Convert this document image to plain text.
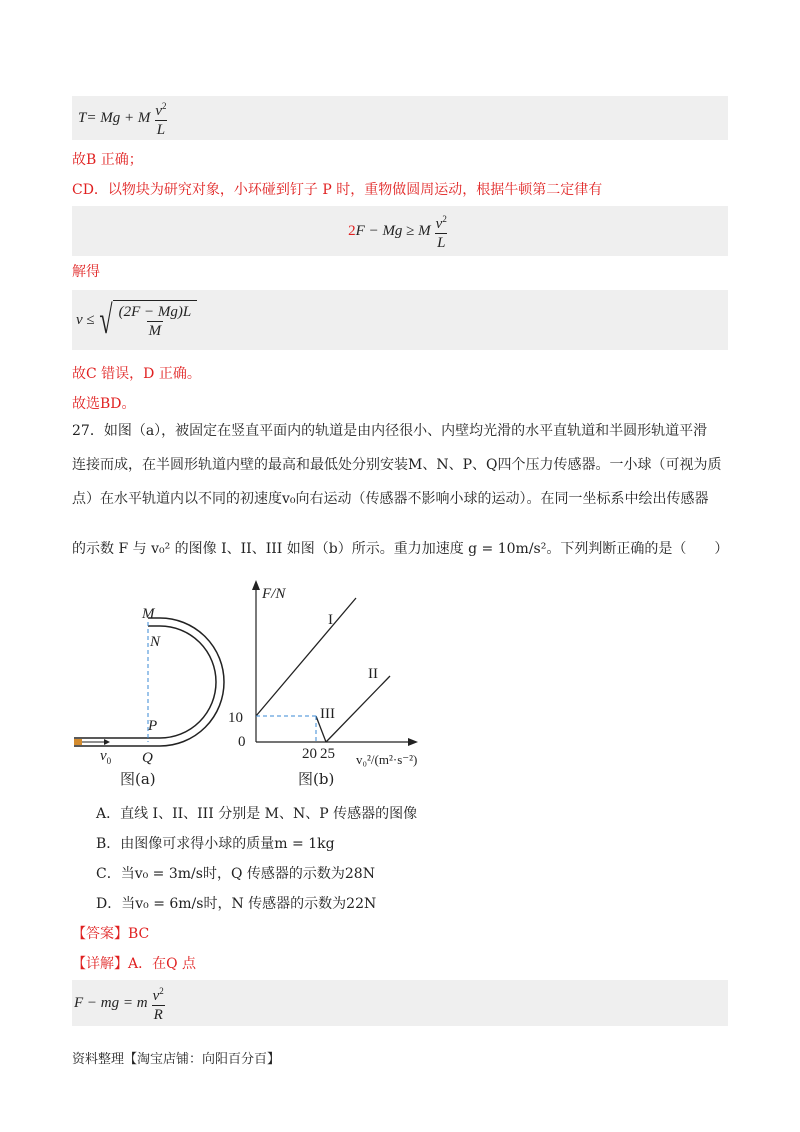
T = Mg + M $\frac{v^2}{L}$
故B 正确；
CD．以物块为研究对象，小环碰到钉子 P 时，重物做圆周运动，根据牛顿第二定律有
2 F − Mg ≥ M $\frac{v^2}{L}$
解得
v ≤ √ $\frac{(2F - Mg)L}{M}$
故C 错误，D 正确。
故选BD。
27．如图（a），被固定在竖直平面内的轨道是由内径很小、内壁均光滑的水平直轨道和半圆形轨道平滑
连接而成，在半圆形轨道内壁的最高和最低处分别安装M、N、P、Q四个压力传感器。一小球（可视为质
点）在水平轨道内以不同的初速度v₀向右运动（传感器不影响小球的运动）。在同一坐标系中绘出传感器
的示数 F 与 v₀² 的图像 I、II、III 如图（b）所示。重力加速度 g = 10m/s²。下列判断正确的是（　　）
M
N
P
Q
$v_0$
图(a)
F/N
I
II
III
10
0
20 25 v₀²/(m²·s⁻²)
图(b)
A．直线 I、II、III 分别是 M、N、P 传感器的图像
B．由图像可求得小球的质量m = 1kg
C．当v₀ = 3m/s时，Q 传感器的示数为28N
D．当v₀ = 6m/s时，N 传感器的示数为22N
【答案】BC
【详解】A．在Q 点
F − mg = m $\frac{v^2}{R}$
资料整理【淘宝店铺：向阳百分百】
